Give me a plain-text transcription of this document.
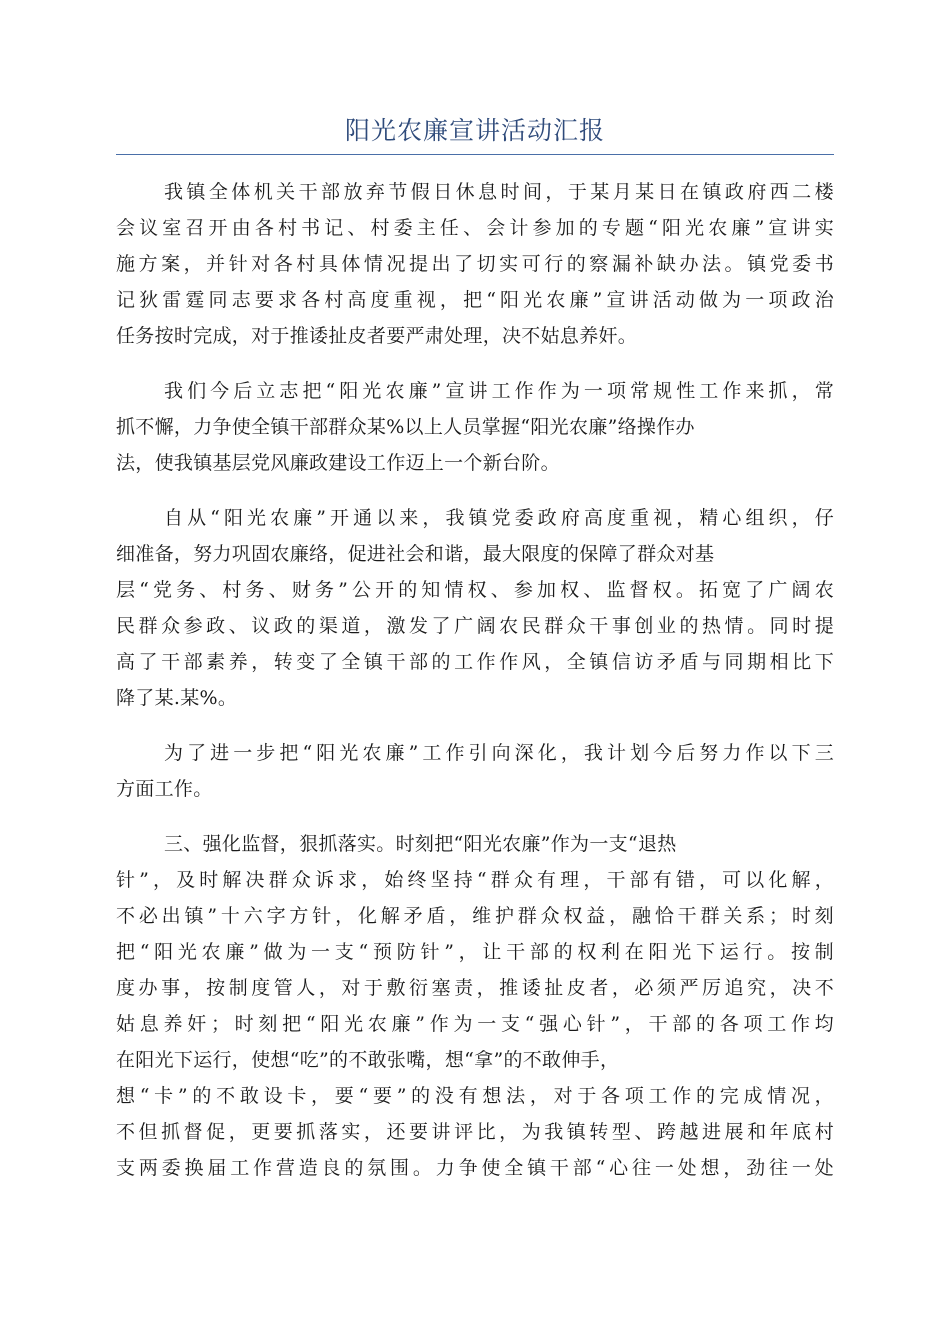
阳光农廉宣讲活动汇报
我镇全体机关干部放弃节假日休息时间，于某月某日在镇政府西二楼
会议室召开由各村书记、村委主任、会计参加的专题“阳光农廉”宣讲实
施方案，并针对各村具体情况提出了切实可行的察漏补缺办法。镇党委书
记狄雷霆同志要求各村高度重视，把“阳光农廉”宣讲活动做为一项政治
任务按时完成，对于推诿扯皮者要严肃处理，决不姑息养奸。
我们今后立志把“阳光农廉”宣讲工作作为一项常规性工作来抓，常
抓不懈，力争使全镇干部群众某%以上人员掌握“阳光农廉”络操作办
法，使我镇基层党风廉政建设工作迈上一个新台阶。
自从“阳光农廉”开通以来，我镇党委政府高度重视，精心组织，仔
细准备，努力巩固农廉络，促进社会和谐，最大限度的保障了群众对基
层“党务、村务、财务”公开的知情权、参加权、监督权。拓宽了广阔农
民群众参政、议政的渠道，激发了广阔农民群众干事创业的热情。同时提
高了干部素养，转变了全镇干部的工作作风，全镇信访矛盾与同期相比下
降了某.某%。
为了进一步把“阳光农廉”工作引向深化，我计划今后努力作以下三
方面工作。
三、强化监督，狠抓落实。时刻把“阳光农廉”作为一支“退热
针”，及时解决群众诉求，始终坚持“群众有理，干部有错，可以化解，
不必出镇”十六字方针，化解矛盾，维护群众权益，融恰干群关系；时刻
把“阳光农廉”做为一支“预防针”，让干部的权利在阳光下运行。按制
度办事，按制度管人，对于敷衍塞责，推诿扯皮者，必须严厉追究，决不
姑息养奸；时刻把“阳光农廉”作为一支“强心针”，干部的各项工作均
在阳光下运行，使想“吃”的不敢张嘴，想“拿”的不敢伸手，
想“卡”的不敢设卡，要“要”的没有想法，对于各项工作的完成情况，
不但抓督促，更要抓落实，还要讲评比，为我镇转型、跨越进展和年底村
支两委换届工作营造良的氛围。力争使全镇干部“心往一处想，劲往一处
